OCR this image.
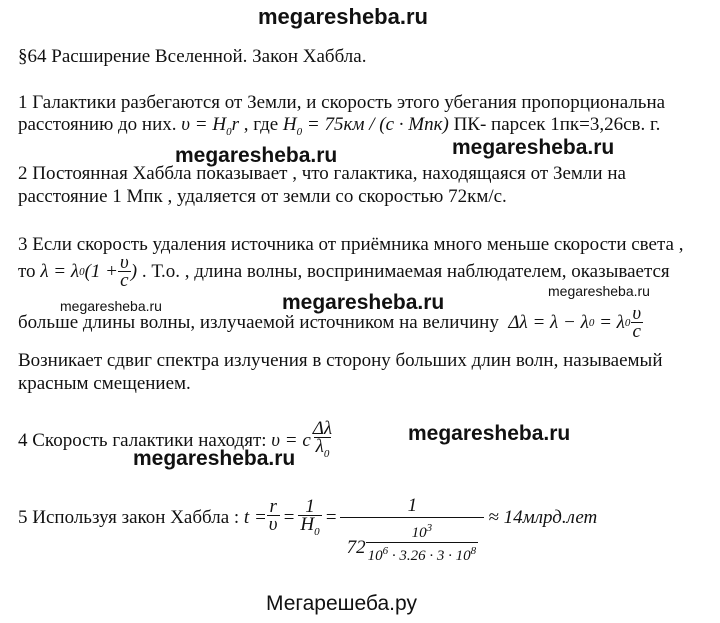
megaresheba.ru
megaresheba.ru	megaresheba.ru
megaresheba.ru	megaresheba.ru	megaresheba.ru
megaresheba.ru
megaresheba.ru
Мегарешеба.ру
§64 Расширение Вселенной. Закон Хаббла.
1 Галактики разбегаются от Земли, и скорость этого убегания пропорциональна
расстоянию до них. $\upsilon = H_0r$ , где $H_0 = 75км / (с \cdot Мпк)$ ПК- парсек 1пк=3,26св. г.
2 Постоянная Хаббла показывает , что галактика, находящаяся от Земли на
расстояние 1 Мпк , удаляется от земли со скоростью 72км/с.
3 Если скорость удаления источника от приёмника много меньше скорости света ,
то
λ = λ 0 ($1 + \frac{\upsilon}{c}$ )
. Т.о. , длина волны, воспринимаемая наблюдателем, оказывается
больше длины волны, излучаемой источником на величину
Δλ = λ − λ 0
= λ $0 \frac{\upsilon}{c}$
Возникает сдвиг спектра излучения в сторону больших длин волн, называемый
красным смещением.
4 Скорость галактики находят:
υ = c $\frac{\Delta\lambda}{\lambda_0}$
5 Используя закон Хаббла :
$t = \frac{r}{\upsilon} = \frac{1}{H_0} = \frac{1}{72 \frac{10^3}{10^6 \cdot 3.26 \cdot 3 \cdot 10^8}}$ ≈ 14млрд.лет
